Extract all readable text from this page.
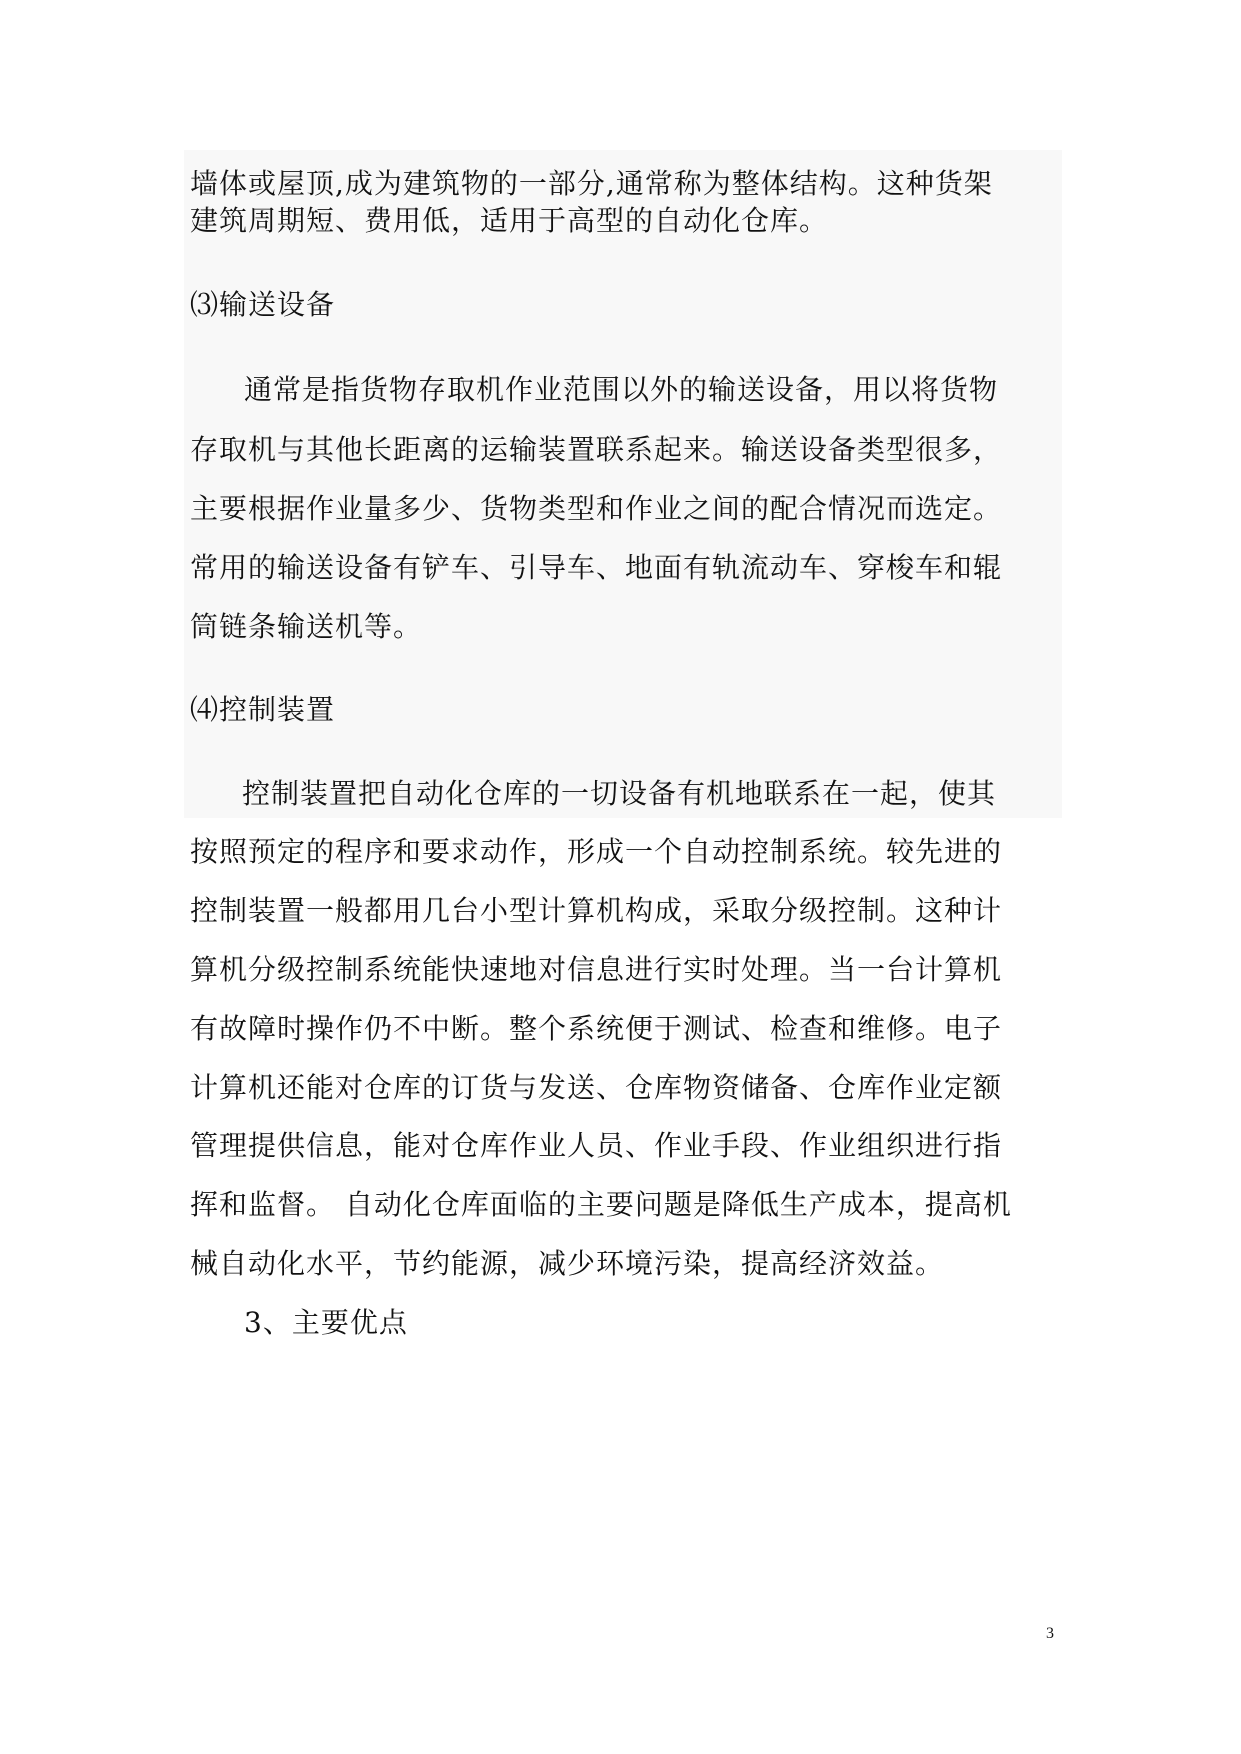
墙体或屋顶,成为建筑物的一部分,通常称为整体结构。这种货架
建筑周期短、费用低，适用于高型的自动化仓库。
⑶输送设备
通常是指货物存取机作业范围以外的输送设备，用以将货物
存取机与其他长距离的运输装置联系起来。输送设备类型很多，
主要根据作业量多少、货物类型和作业之间的配合情况而选定。
常用的输送设备有铲车、引导车、地面有轨流动车、穿梭车和辊
筒链条输送机等。
⑷控制装置
控制装置把自动化仓库的一切设备有机地联系在一起，使其
按照预定的程序和要求动作，形成一个自动控制系统。较先进的
控制装置一般都用几台小型计算机构成，采取分级控制。这种计
算机分级控制系统能快速地对信息进行实时处理。当一台计算机
有故障时操作仍不中断。整个系统便于测试、检查和维修。电子
计算机还能对仓库的订货与发送、仓库物资储备、仓库作业定额
管理提供信息，能对仓库作业人员、作业手段、作业组织进行指
挥和监督。 自动化仓库面临的主要问题是降低生产成本，提高机
械自动化水平，节约能源，减少环境污染，提高经济效益。
3、主要优点
3
